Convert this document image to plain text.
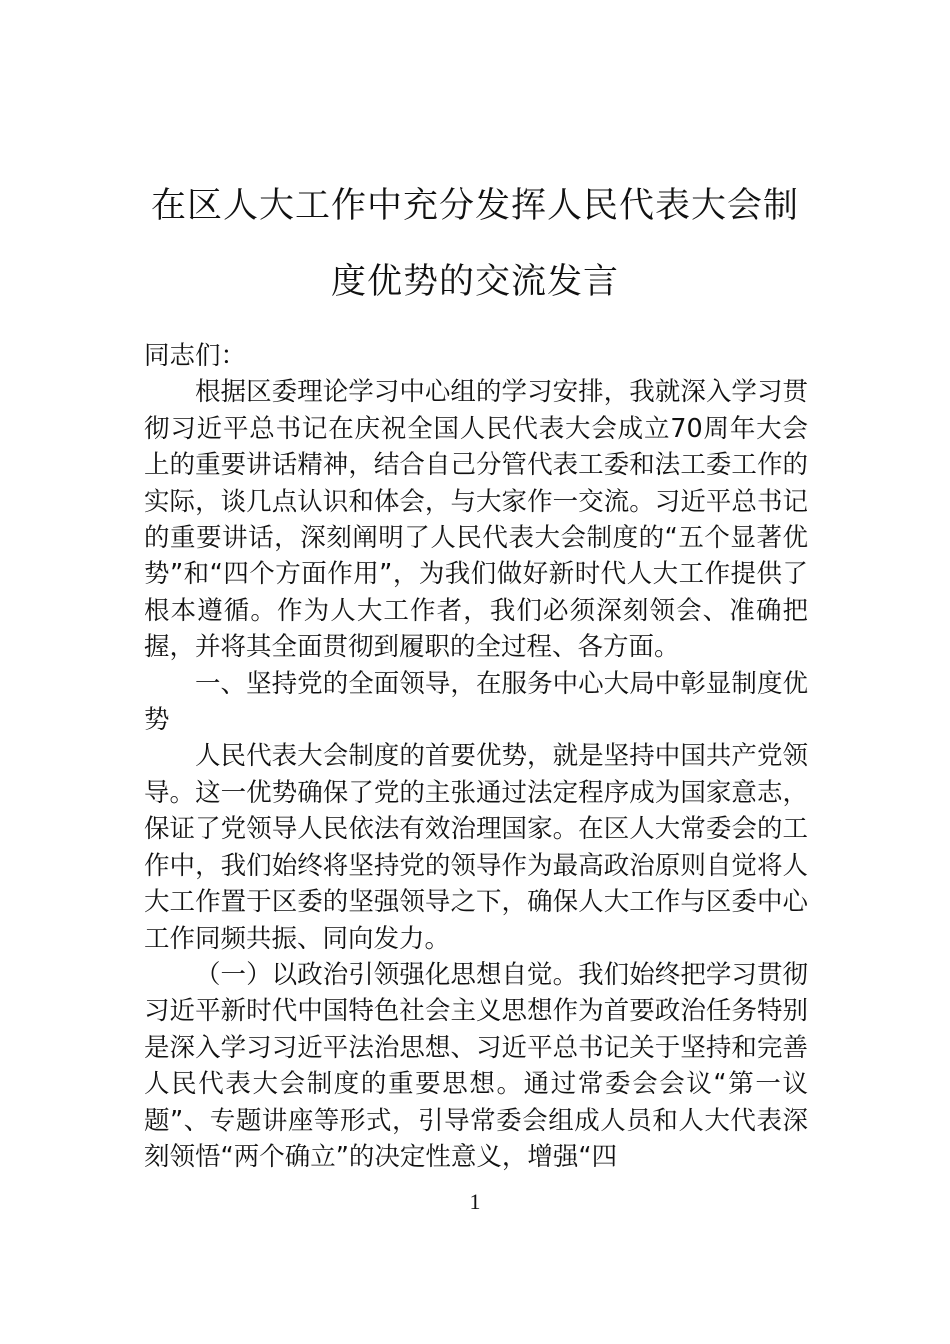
在区人大工作中充分发挥人民代表大会制
度优势的交流发言

同志们：

根据区委理论学习中心组的学习安排，我就深入学习贯彻习近平总书记在庆祝全国人民代表大会成立70周年大会上的重要讲话精神，结合自己分管代表工委和法工委工作的实际，谈几点认识和体会，与大家作一交流。习近平总书记的重要讲话，深刻阐明了人民代表大会制度的“五个显著优势”和“四个方面作用”，为我们做好新时代人大工作提供了根本遵循。作为人大工作者，我们必须深刻领会、准确把握，并将其全面贯彻到履职的全过程、各方面。

一、坚持党的全面领导，在服务中心大局中彰显制度优势

人民代表大会制度的首要优势，就是坚持中国共产党领导。这一优势确保了党的主张通过法定程序成为国家意志，保证了党领导人民依法有效治理国家。在区人大常委会的工作中，我们始终将坚持党的领导作为最高政治原则自觉将人大工作置于区委的坚强领导之下，确保人大工作与区委中心工作同频共振、同向发力。

（一）以政治引领强化思想自觉。我们始终把学习贯彻习近平新时代中国特色社会主义思想作为首要政治任务特别是深入学习习近平法治思想、习近平总书记关于坚持和完善人民代表大会制度的重要思想。通过常委会会议“第一议题”、专题讲座等形式，引导常委会组成人员和人大代表深刻领悟“两个确立”的决定性意义，增强“四

1
